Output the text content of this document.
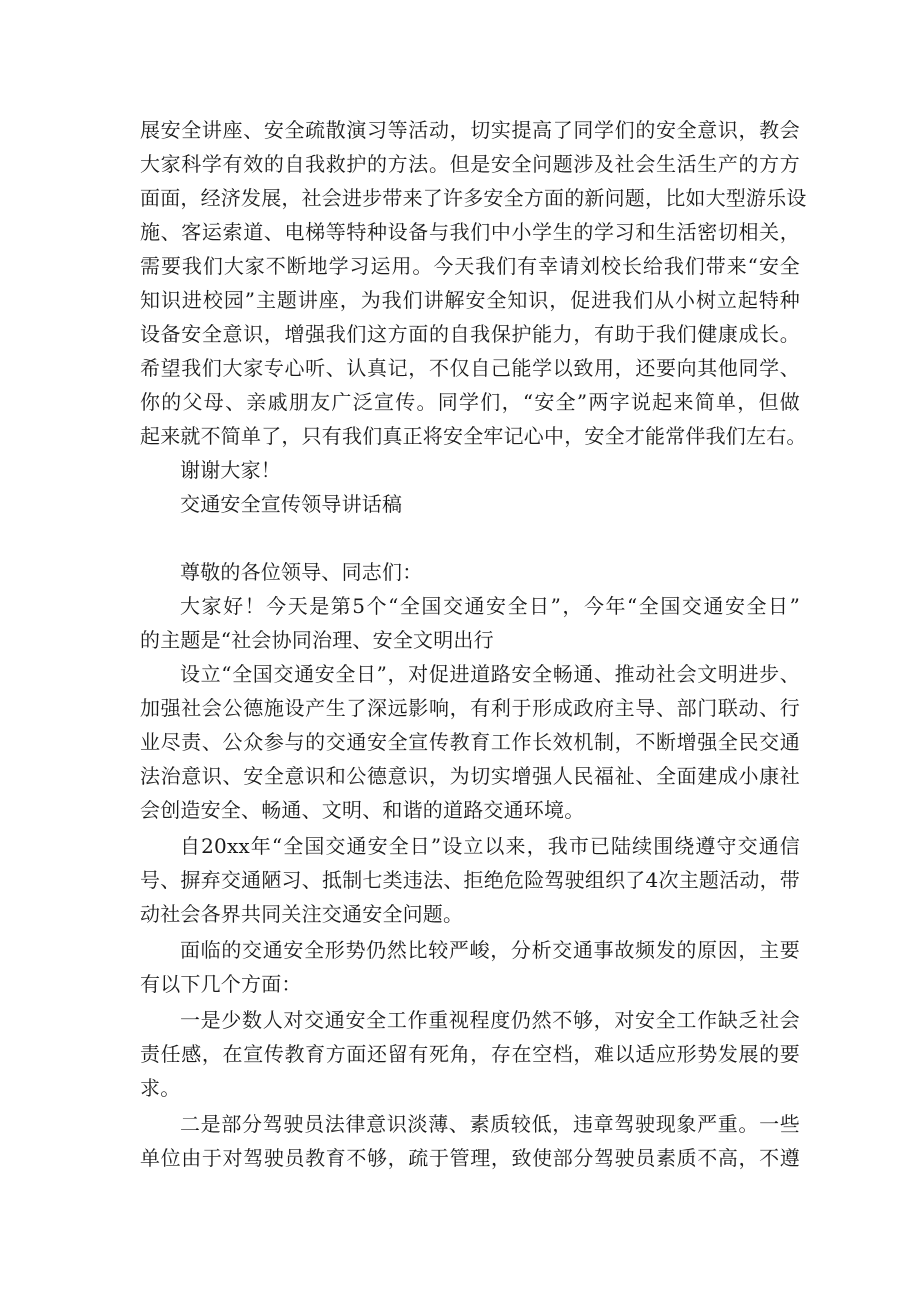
展安全讲座、安全疏散演习等活动，切实提高了同学们的安全意识，教会
大家科学有效的自我救护的方法。但是安全问题涉及社会生活生产的方方
面面，经济发展，社会进步带来了许多安全方面的新问题，比如大型游乐设
施、客运索道、电梯等特种设备与我们中小学生的学习和生活密切相关，
需要我们大家不断地学习运用。今天我们有幸请刘校长给我们带来“安全
知识进校园”主题讲座，为我们讲解安全知识，促进我们从小树立起特种
设备安全意识，增强我们这方面的自我保护能力，有助于我们健康成长。
希望我们大家专心听、认真记，不仅自己能学以致用，还要向其他同学、
你的父母、亲戚朋友广泛宣传。同学们，“安全”两字说起来简单，但做
起来就不简单了，只有我们真正将安全牢记心中，安全才能常伴我们左右。
谢谢大家！
交通安全宣传领导讲话稿
尊敬的各位领导、同志们：
大家好！今天是第5个“全国交通安全日”，今年“全国交通安全日”
的主题是“社会协同治理、安全文明出行
设立“全国交通安全日”，对促进道路安全畅通、推动社会文明进步、
加强社会公德施设产生了深远影响，有利于形成政府主导、部门联动、行
业尽责、公众参与的交通安全宣传教育工作长效机制，不断增强全民交通
法治意识、安全意识和公德意识，为切实增强人民福祉、全面建成小康社
会创造安全、畅通、文明、和谐的道路交通环境。
自20xx年“全国交通安全日”设立以来，我市已陆续围绕遵守交通信
号、摒弃交通陋习、抵制七类违法、拒绝危险驾驶组织了4次主题活动，带
动社会各界共同关注交通安全问题。
面临的交通安全形势仍然比较严峻，分析交通事故频发的原因，主要
有以下几个方面：
一是少数人对交通安全工作重视程度仍然不够，对安全工作缺乏社会
责任感，在宣传教育方面还留有死角，存在空档，难以适应形势发展的要
求。
二是部分驾驶员法律意识淡薄、素质较低，违章驾驶现象严重。一些
单位由于对驾驶员教育不够，疏于管理，致使部分驾驶员素质不高，不遵
